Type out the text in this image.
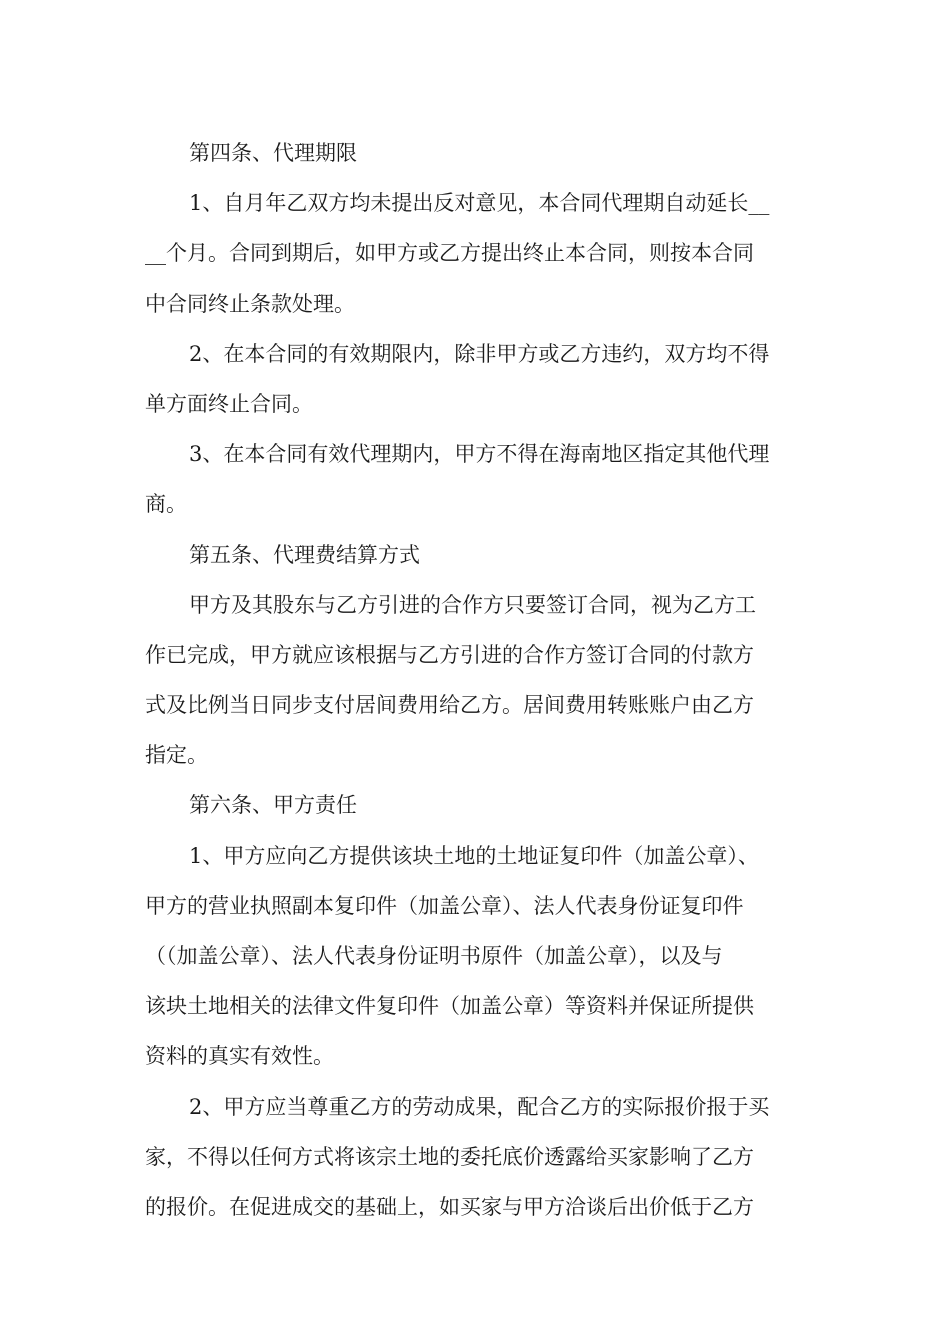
第四条、代理期限
1、自月年乙双方均未提出反对意见，本合同代理期自动延长__
__个月。合同到期后，如甲方或乙方提出终止本合同，则按本合同
中合同终止条款处理。
2、在本合同的有效期限内，除非甲方或乙方违约，双方均不得
单方面终止合同。
3、在本合同有效代理期内，甲方不得在海南地区指定其他代理
商。
第五条、代理费结算方式
甲方及其股东与乙方引进的合作方只要签订合同，视为乙方工
作已完成，甲方就应该根据与乙方引进的合作方签订合同的付款方
式及比例当日同步支付居间费用给乙方。居间费用转账账户由乙方
指定。
第六条、甲方责任
1、甲方应向乙方提供该块土地的土地证复印件（加盖公章）、
甲方的营业执照副本复印件（加盖公章）、法人代表身份证复印件
（（加盖公章）、法人代表身份证明书原件（加盖公章），以及与
该块土地相关的法律文件复印件（加盖公章）等资料并保证所提供
资料的真实有效性。
2、甲方应当尊重乙方的劳动成果，配合乙方的实际报价报于买
家，不得以任何方式将该宗土地的委托底价透露给买家影响了乙方
的报价。在促进成交的基础上，如买家与甲方洽谈后出价低于乙方
